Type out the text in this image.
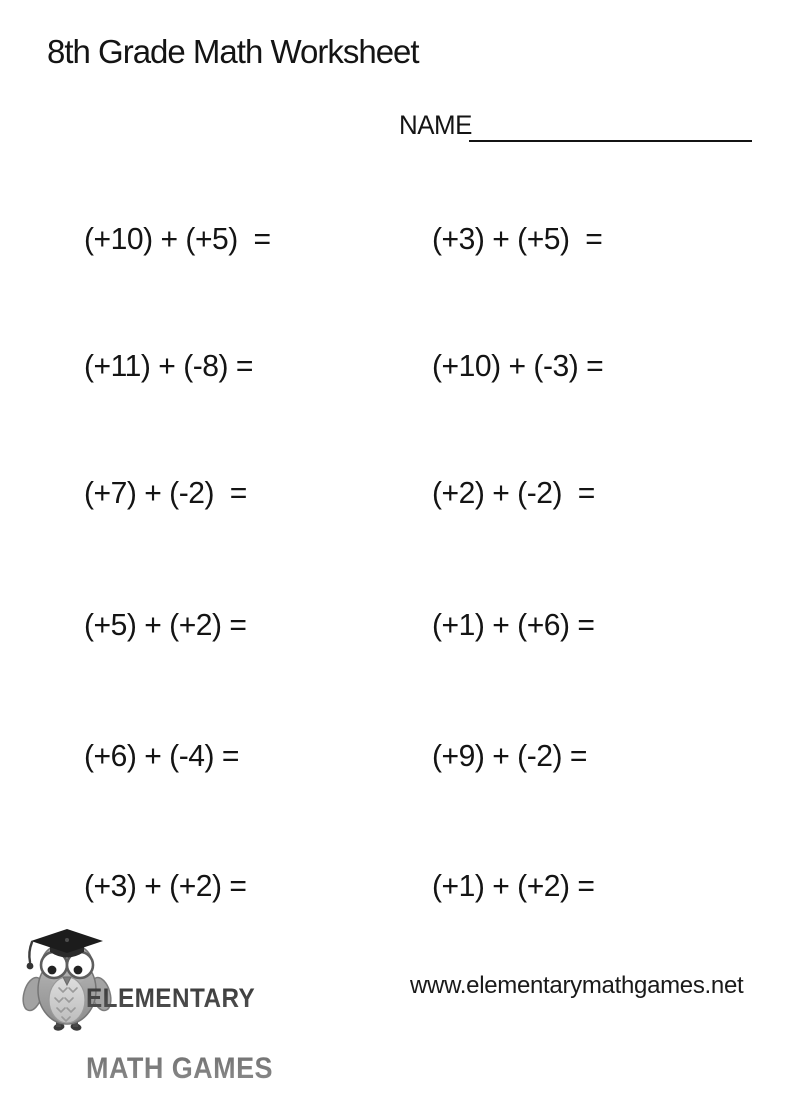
8th Grade Math Worksheet
NAME
(+10) + (+5)  =	(+3) + (+5)  =
(+11) + (-8) =	(+10) + (-3) =
(+7) + (-2)  =	(+2) + (-2)  =
(+5) + (+2) =	(+1) + (+6) =
(+6) + (-4) =	(+9) + (-2) =
(+3) + (+2) =	(+1) + (+2) =

ELEMENTARY

MATH GAMES

www.elementarymathgames.net
